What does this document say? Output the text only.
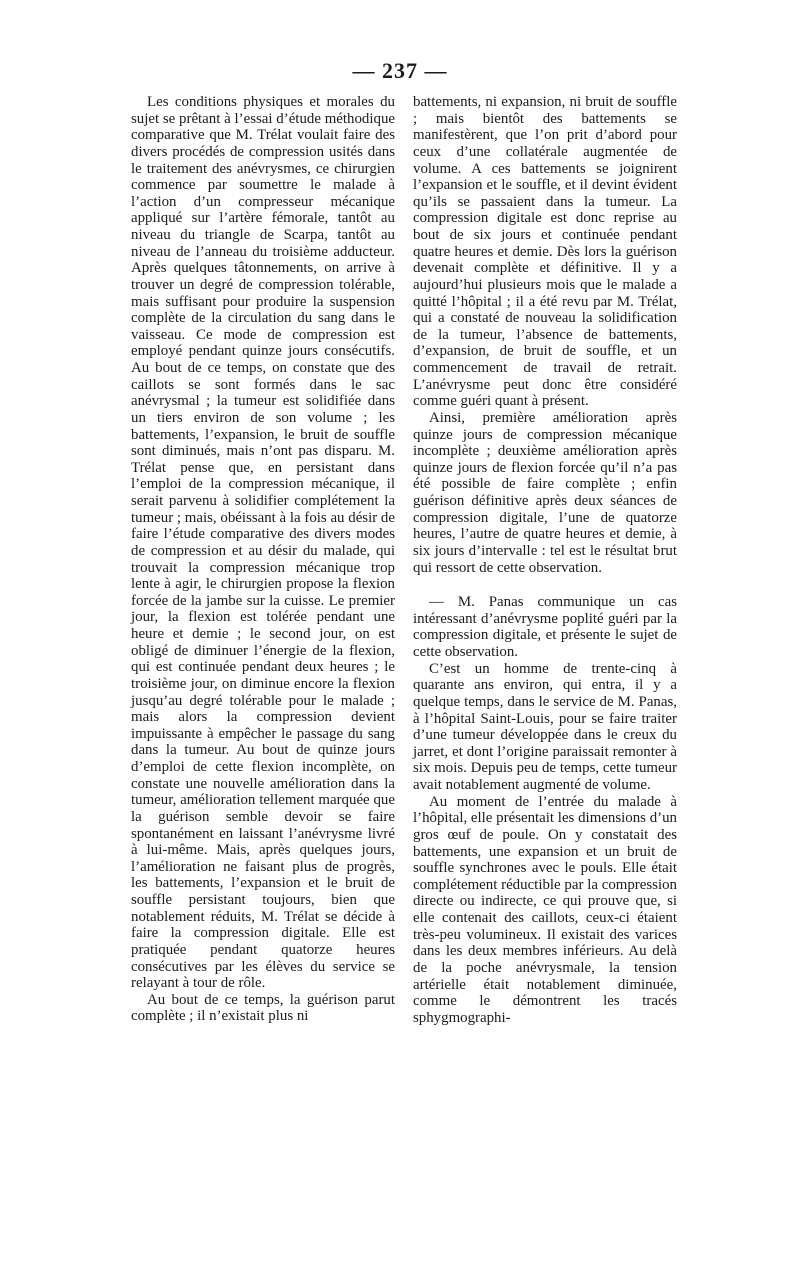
— 237 —

Les conditions physiques et morales du sujet se prêtant à l’essai d’étude méthodique comparative que M. Trélat voulait faire des divers procédés de compression usités dans le traitement des anévrysmes, ce chirurgien commence par soumettre le malade à l’action d’un compresseur mécanique appliqué sur l’artère fémorale, tantôt au niveau du triangle de Scarpa, tantôt au niveau de l’anneau du troisième adducteur. Après quelques tâtonnements, on arrive à trouver un degré de compression tolérable, mais suffisant pour produire la suspension complète de la circulation du sang dans le vaisseau. Ce mode de compression est employé pendant quinze jours consécutifs. Au bout de ce temps, on constate que des caillots se sont formés dans le sac anévrysmal ; la tumeur est solidifiée dans un tiers environ de son volume ; les battements, l’expansion, le bruit de souffle sont diminués, mais n’ont pas disparu. M. Trélat pense que, en persistant dans l’emploi de la compression mécanique, il serait parvenu à solidifier complétement la tumeur ; mais, obéissant à la fois au désir de faire l’étude comparative des divers modes de compression et au désir du malade, qui trouvait la compression mécanique trop lente à agir, le chirurgien propose la flexion forcée de la jambe sur la cuisse. Le premier jour, la flexion est tolérée pendant une heure et demie ; le second jour, on est obligé de diminuer l’énergie de la flexion, qui est continuée pendant deux heures ; le troisième jour, on diminue encore la flexion jusqu’au degré tolérable pour le malade ; mais alors la compression devient impuissante à empêcher le passage du sang dans la tumeur. Au bout de quinze jours d’emploi de cette flexion incomplète, on constate une nouvelle amélioration dans la tumeur, amélioration tellement marquée que la guérison semble devoir se faire spontanément en laissant l’anévrysme livré à lui-même. Mais, après quelques jours, l’amélioration ne faisant plus de progrès, les battements, l’expansion et le bruit de souffle persistant toujours, bien que notablement réduits, M. Trélat se décide à faire la compression digitale. Elle est pratiquée pendant quatorze heures consécutives par les élèves du service se relayant à tour de rôle.

Au bout de ce temps, la guérison parut complète ; il n’existait plus ni

battements, ni expansion, ni bruit de souffle ; mais bientôt des battements se manifestèrent, que l’on prit d’abord pour ceux d’une collatérale augmentée de volume. A ces battements se joignirent l’expansion et le souffle, et il devint évident qu’ils se passaient dans la tumeur. La compression digitale est donc reprise au bout de six jours et continuée pendant quatre heures et demie. Dès lors la guérison devenait complète et définitive. Il y a aujourd’hui plusieurs mois que le malade a quitté l’hôpital ; il a été revu par M. Trélat, qui a constaté de nouveau la solidification de la tumeur, l’absence de battements, d’expansion, de bruit de souffle, et un commencement de travail de retrait. L’anévrysme peut donc être considéré comme guéri quant à présent.

Ainsi, première amélioration après quinze jours de compression mécanique incomplète ; deuxième amélioration après quinze jours de flexion forcée qu’il n’a pas été possible de faire complète ; enfin guérison définitive après deux séances de compression digitale, l’une de quatorze heures, l’autre de quatre heures et demie, à six jours d’intervalle : tel est le résultat brut qui ressort de cette observation.

— M. Panas communique un cas intéressant d’anévrysme poplité guéri par la compression digitale, et présente le sujet de cette observation.

C’est un homme de trente-cinq à quarante ans environ, qui entra, il y a quelque temps, dans le service de M. Panas, à l’hôpital Saint-Louis, pour se faire traiter d’une tumeur développée dans le creux du jarret, et dont l’origine paraissait remonter à six mois. Depuis peu de temps, cette tumeur avait notablement augmenté de volume.

Au moment de l’entrée du malade à l’hôpital, elle présentait les dimensions d’un gros œuf de poule. On y constatait des battements, une expansion et un bruit de souffle synchrones avec le pouls. Elle était complétement réductible par la compression directe ou indirecte, ce qui prouve que, si elle contenait des caillots, ceux-ci étaient très-peu volumineux. Il existait des varices dans les deux membres inférieurs. Au delà de la poche anévrysmale, la tension artérielle était notablement diminuée, comme le démontrent les tracés sphygmographi-
